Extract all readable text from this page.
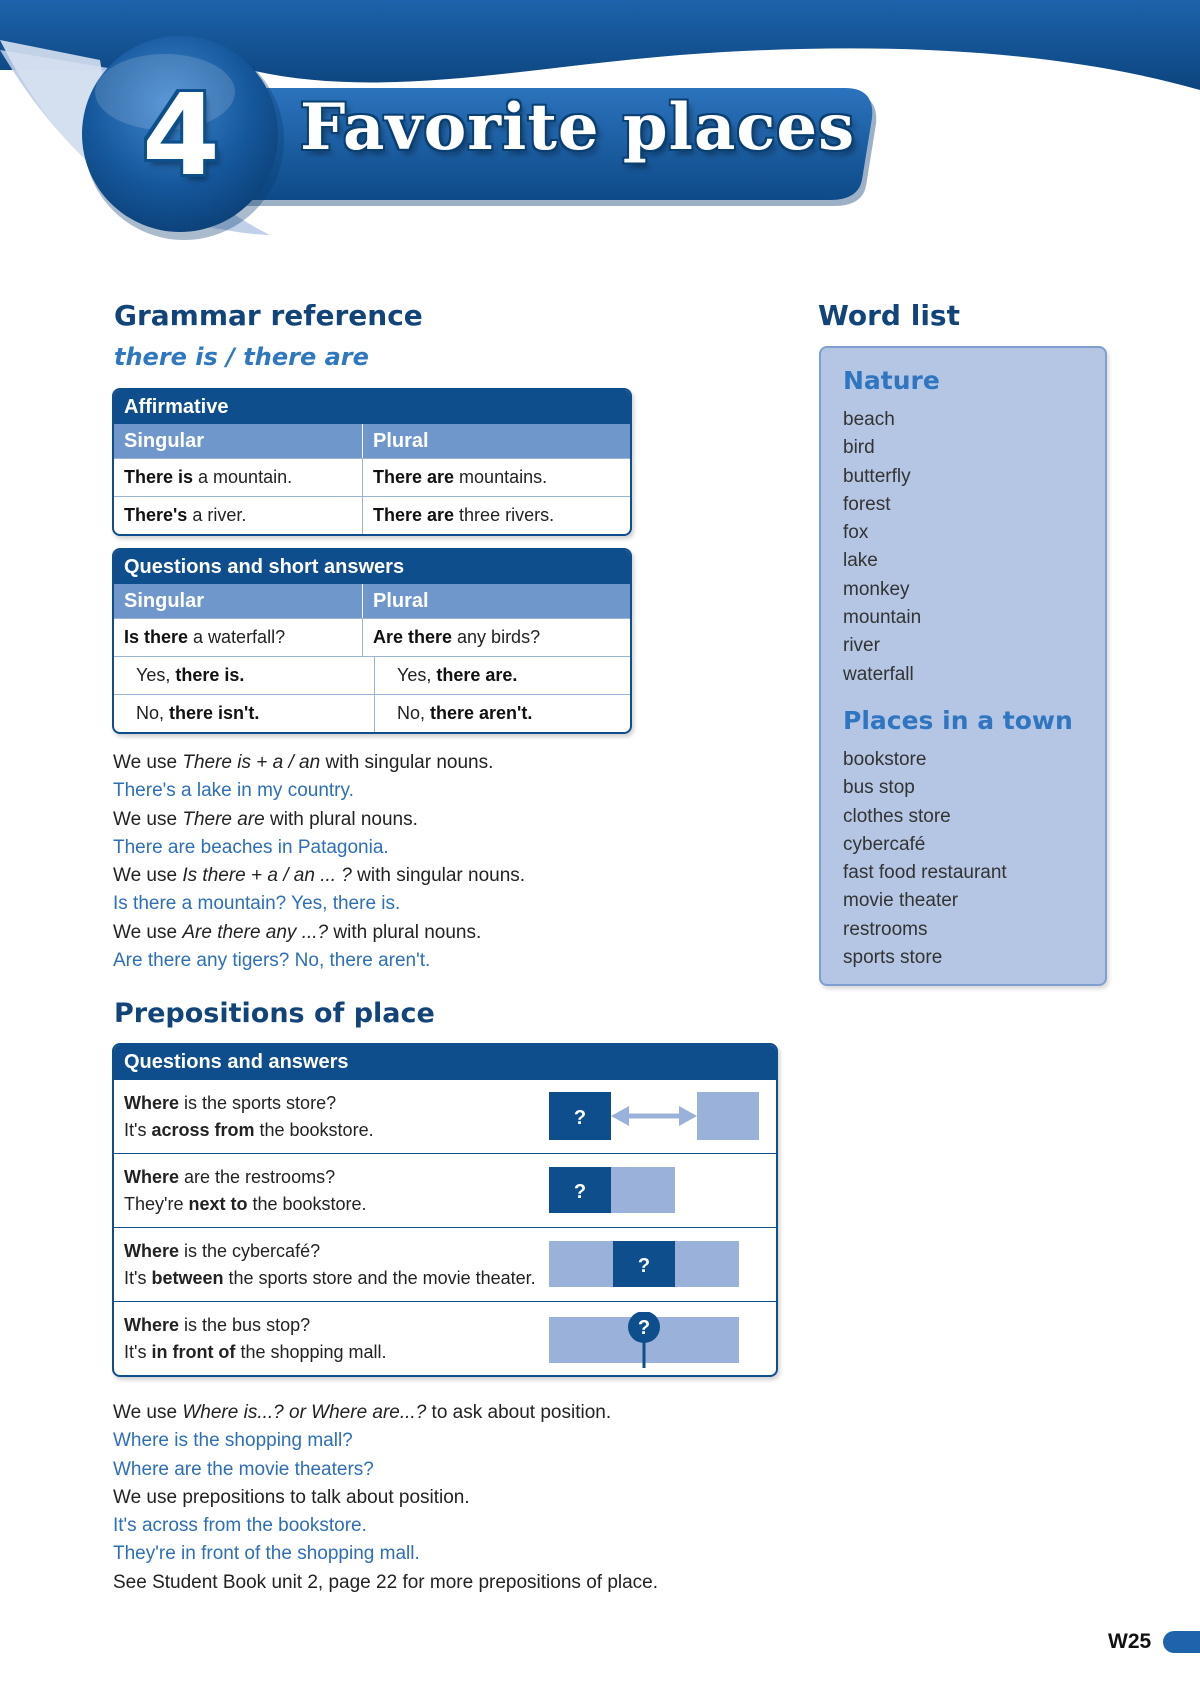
4 Favorite places
Grammar reference
there is / there are
Affirmative
Singular	Plural
There is a mountain.	There are mountains.
There's a river.	There are three rivers.
Questions and short answers
Singular	Plural
Is there a waterfall?	Are there any birds?
Yes, there is.	Yes, there are.
No, there isn't.	No, there aren't.
We use There is + a / an with singular nouns.
There's a lake in my country.
We use There are with plural nouns.
There are beaches in Patagonia.
We use Is there + a / an ... ? with singular nouns.
Is there a mountain? Yes, there is.
We use Are there any ...? with plural nouns.
Are there any tigers? No, there aren't.
Prepositions of place
Questions and answers
Where is the sports store?
It's across from the bookstore.
?
Where are the restrooms?
They're next to the bookstore.
?
Where is the cybercafé?
It's between the sports store and the movie theater.
?
Where is the bus stop?
It's in front of the shopping mall.
?
We use Where is...? or Where are...? to ask about position.
Where is the shopping mall?
Where are the movie theaters?
We use prepositions to talk about position.
It's across from the bookstore.
They're in front of the shopping mall.
See Student Book unit 2, page 22 for more prepositions of place.
Word list
Nature
beach
bird
butterfly
forest
fox
lake
monkey
mountain
river
waterfall
Places in a town
bookstore
bus stop
clothes store
cybercafé
fast food restaurant
movie theater
restrooms
sports store
W25
